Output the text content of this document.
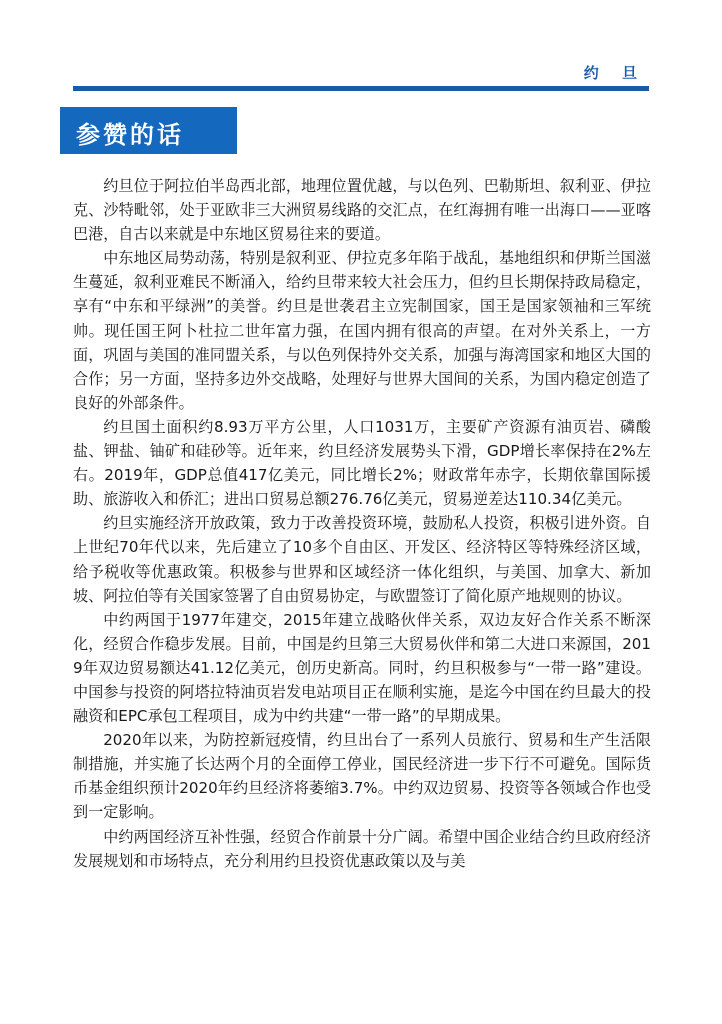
约 旦
参赞的话

约旦位于阿拉伯半岛西北部，地理位置优越，与以色列、巴勒斯坦、叙利亚、伊拉克、沙特毗邻，处于亚欧非三大洲贸易线路的交汇点，在红海拥有唯一出海口——亚喀巴港，自古以来就是中东地区贸易往来的要道。

中东地区局势动荡，特别是叙利亚、伊拉克多年陷于战乱，基地组织和伊斯兰国滋生蔓延，叙利亚难民不断涌入，给约旦带来较大社会压力，但约旦长期保持政局稳定，享有“中东和平绿洲”的美誉。约旦是世袭君主立宪制国家，国王是国家领袖和三军统帅。现任国王阿卜杜拉二世年富力强，在国内拥有很高的声望。在对外关系上，一方面，巩固与美国的准同盟关系，与以色列保持外交关系，加强与海湾国家和地区大国的合作；另一方面，坚持多边外交战略，处理好与世界大国间的关系，为国内稳定创造了良好的外部条件。

约旦国土面积约8.93万平方公里，人口1031万，主要矿产资源有油页岩、磷酸盐、钾盐、铀矿和硅砂等。近年来，约旦经济发展势头下滑，GDP增长率保持在2%左右。2019年，GDP总值417亿美元，同比增长2%；财政常年赤字，长期依靠国际援助、旅游收入和侨汇；进出口贸易总额276.76亿美元，贸易逆差达110.34亿美元。

约旦实施经济开放政策，致力于改善投资环境，鼓励私人投资，积极引进外资。自上世纪70年代以来，先后建立了10多个自由区、开发区、经济特区等特殊经济区域，给予税收等优惠政策。积极参与世界和区域经济一体化组织，与美国、加拿大、新加坡、阿拉伯等有关国家签署了自由贸易协定，与欧盟签订了简化原产地规则的协议。

中约两国于1977年建交，2015年建立战略伙伴关系，双边友好合作关系不断深化，经贸合作稳步发展。目前，中国是约旦第三大贸易伙伴和第二大进口来源国，2019年双边贸易额达41.12亿美元，创历史新高。同时，约旦积极参与“一带一路”建设。中国参与投资的阿塔拉特油页岩发电站项目正在顺利实施，是迄今中国在约旦最大的投融资和EPC承包工程项目，成为中约共建“一带一路”的早期成果。

2020年以来，为防控新冠疫情，约旦出台了一系列人员旅行、贸易和生产生活限制措施，并实施了长达两个月的全面停工停业，国民经济进一步下行不可避免。国际货币基金组织预计2020年约旦经济将萎缩3.7%。中约双边贸易、投资等各领域合作也受到一定影响。

中约两国经济互补性强，经贸合作前景十分广阔。希望中国企业结合约旦政府经济发展规划和市场特点，充分利用约旦投资优惠政策以及与美
